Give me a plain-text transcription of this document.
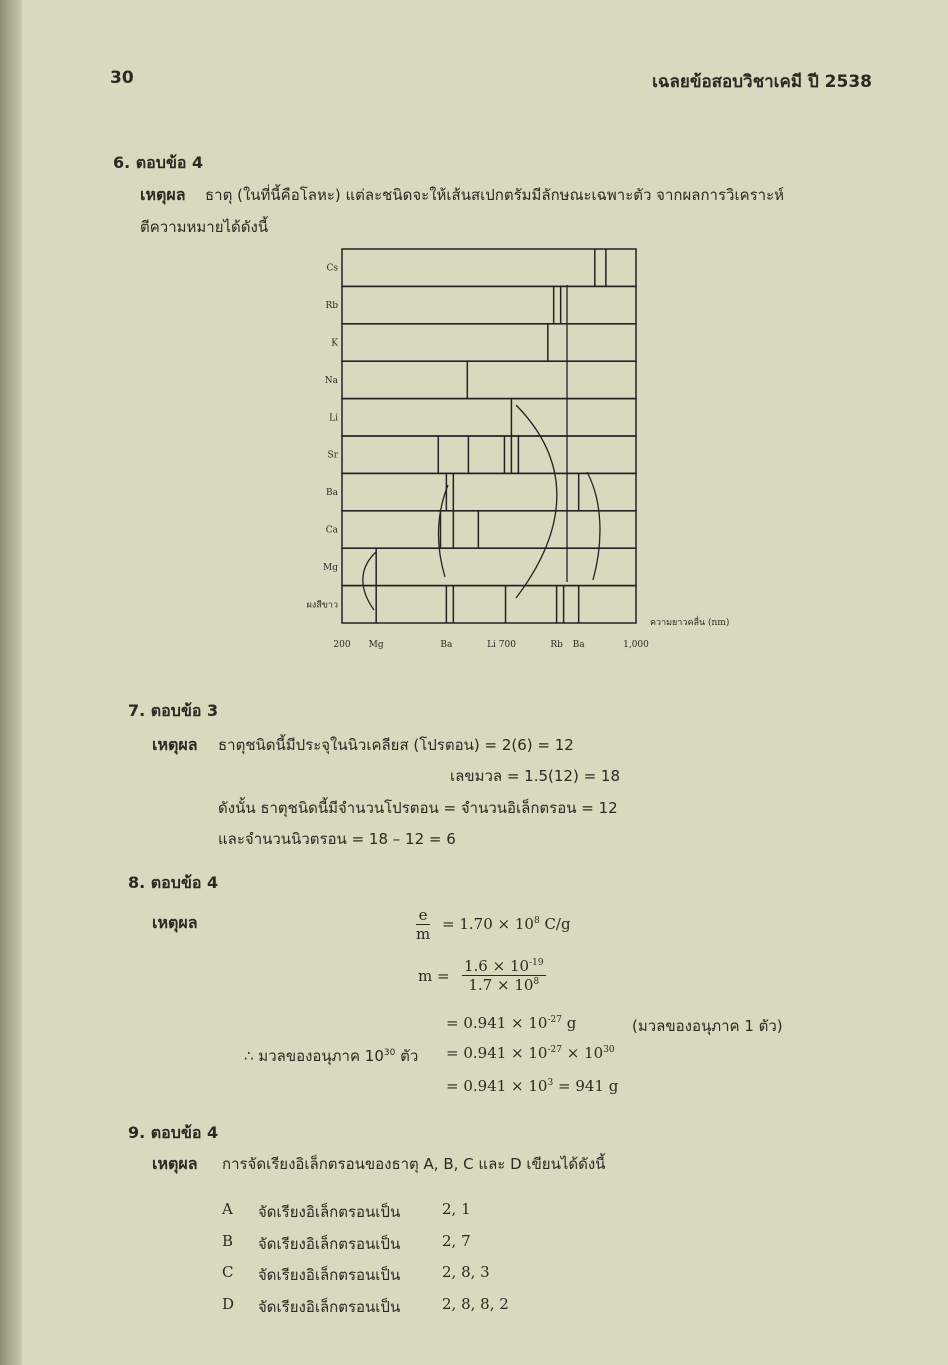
30	เฉลยข้อสอบวิชาเคมี ปี 2538
6. ตอบข้อ 4
เหตุผล ธาตุ (ในที่นี้คือโลหะ) แต่ละชนิดจะให้เส้นสเปกตรัมมีลักษณะเฉพาะตัว จากผลการวิเคราะห์
ตีความหมายได้ดังนี้
Cs
Rb
K
Na
Li
Sr
Ba
Ca
Mg
ผงสีขาว
200 Mg	Ba	Li 700	Rb Ba	1,000
ความยาวคลื่น (nm)
7. ตอบข้อ 3
เหตุผล ธาตุชนิดนี้มีประจุในนิวเคลียส (โปรตอน) = 2(6) = 12
เลขมวล = 1.5(12) = 18
ดังนั้น ธาตุชนิดนี้มีจำนวนโปรตอน = จำนวนอิเล็กตรอน = 12
และจำนวนนิวตรอน = 18 – 12 = 6
8. ตอบข้อ 4
เหตุผล	$\frac{e}{m} = 1.70 \times 10^8$ C/g
$m = \frac{1.6 \times 10^{-19}}{1.7 \times 10^8}$
= $0.941 \times 10^{-27}$ g	(มวลของอนุภาค 1 ตัว)
∴ มวลของอนุภาค $10^{30}$ ตัว = $0.941 \times 10^{-27} \times 10^{30}$
= $0.941 \times 10^3 = 941$ g
9. ตอบข้อ 4
เหตุผล การจัดเรียงอิเล็กตรอนของธาตุ A, B, C และ D เขียนได้ดังนี้
A จัดเรียงอิเล็กตรอนเป็น	2, 1
B จัดเรียงอิเล็กตรอนเป็น	2, 7
C จัดเรียงอิเล็กตรอนเป็น	2, 8, 3
D จัดเรียงอิเล็กตรอนเป็น	2, 8, 8, 2
